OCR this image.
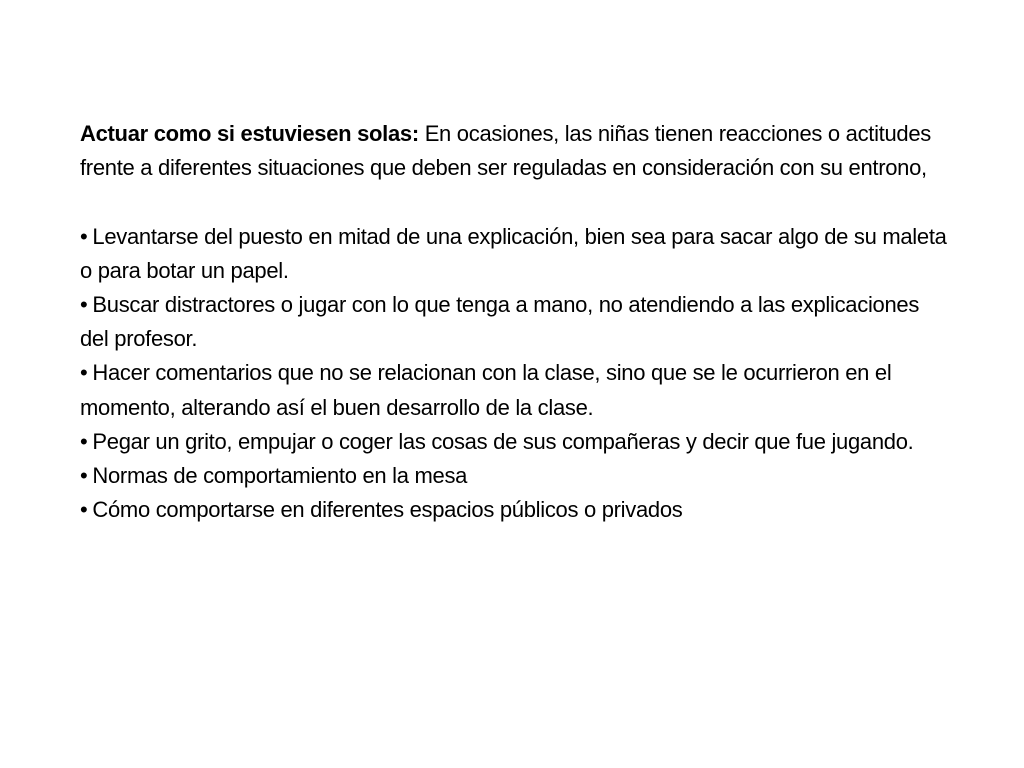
Actuar como si estuviesen solas: En ocasiones, las niñas tienen reacciones o actitudes frente a diferentes situaciones que deben ser reguladas en consideración con su entrono,

• Levantarse del puesto en mitad de una explicación, bien sea para sacar algo de su maleta o para botar un papel.
• Buscar distractores o jugar con lo que tenga a mano, no atendiendo a las explicaciones del profesor.
• Hacer comentarios que no se relacionan con la clase, sino que se le ocurrieron en el momento, alterando así el buen desarrollo de la clase.
• Pegar un grito, empujar o coger las cosas de sus compañeras y decir que fue jugando.
• Normas de comportamiento en la mesa
• Cómo comportarse en diferentes espacios públicos o privados
